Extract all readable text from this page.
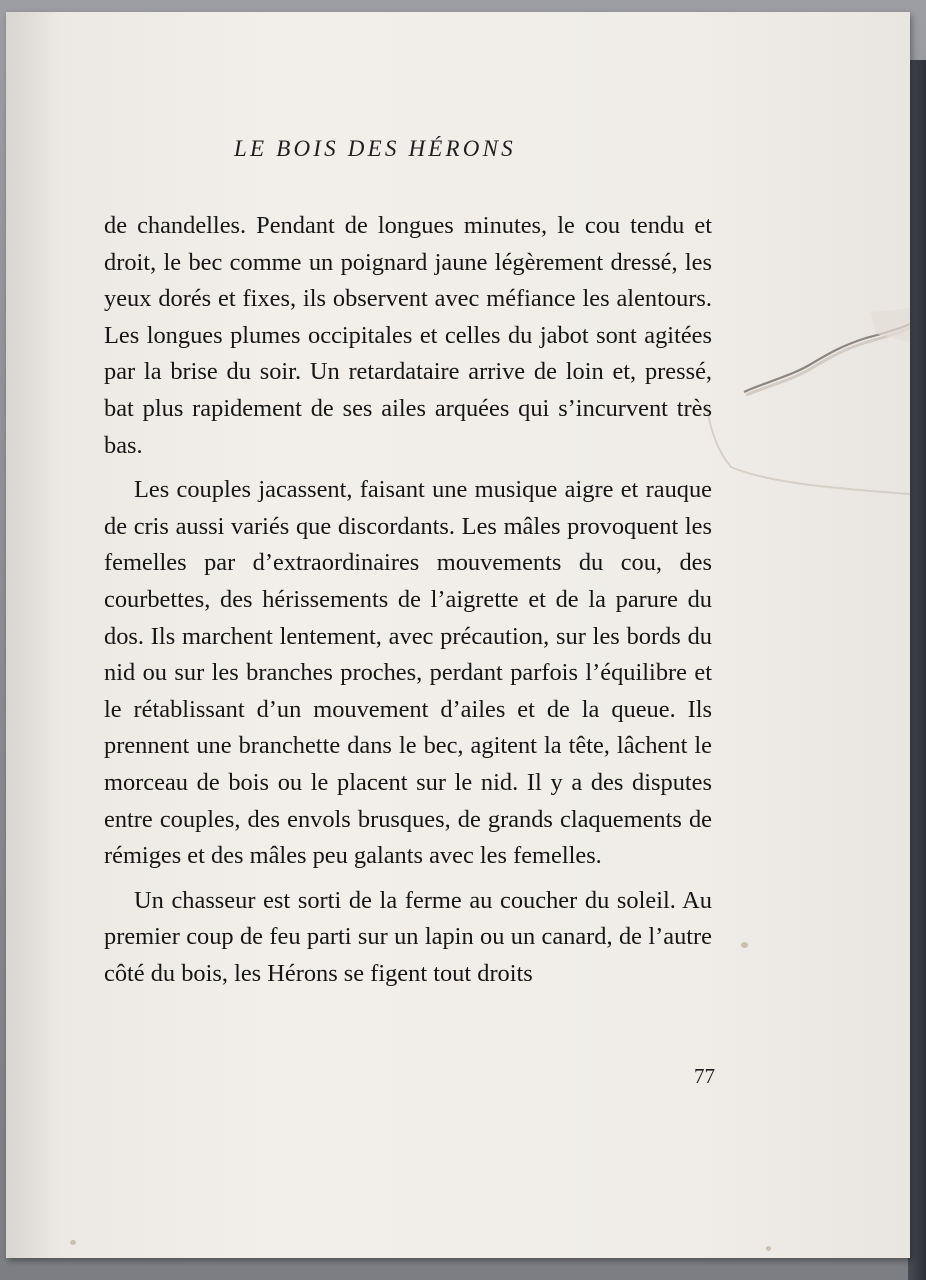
LE BOIS DES HÉRONS

de chandelles. Pendant de longues minutes, le cou tendu et droit, le bec comme un poignard jaune légèrement dressé, les yeux dorés et fixes, ils observent avec méfiance les alentours. Les longues plumes occipitales et celles du jabot sont agitées par la brise du soir. Un retardataire arrive de loin et, pressé, bat plus rapidement de ses ailes arquées qui s’incurvent très bas.

Les couples jacassent, faisant une musique aigre et rauque de cris aussi variés que discordants. Les mâles provoquent les femelles par d’extraordinaires mouvements du cou, des courbettes, des hérissements de l’aigrette et de la parure du dos. Ils marchent lentement, avec précaution, sur les bords du nid ou sur les branches proches, perdant parfois l’équilibre et le rétablissant d’un mouvement d’ailes et de la queue. Ils prennent une branchette dans le bec, agitent la tête, lâchent le morceau de bois ou le placent sur le nid. Il y a des disputes entre couples, des envols brusques, de grands claquements de rémiges et des mâles peu galants avec les femelles.

Un chasseur est sorti de la ferme au coucher du soleil. Au premier coup de feu parti sur un lapin ou un canard, de l’autre côté du bois, les Hérons se figent tout droits

77
